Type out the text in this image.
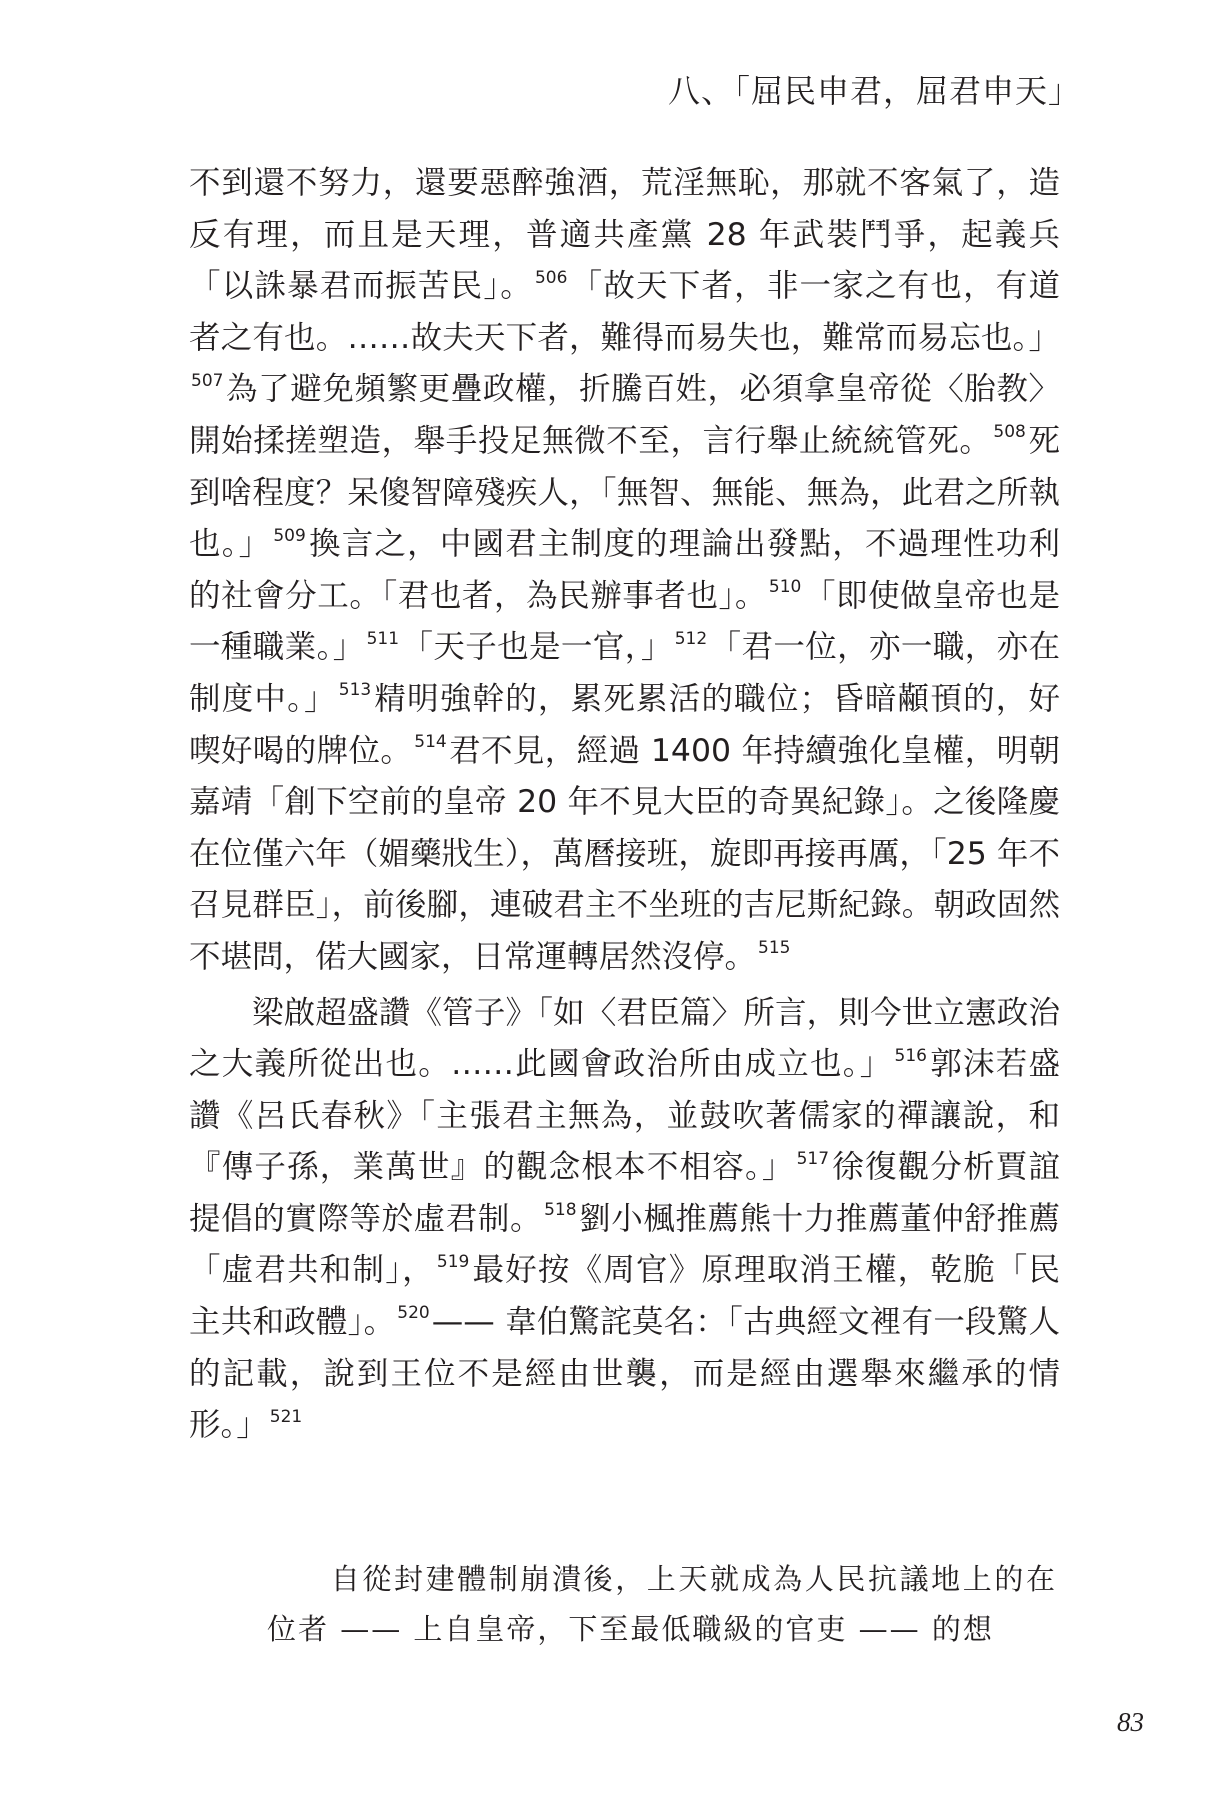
八、「屈民申君，屈君申天」

不到還不努力，還要惡醉強酒，荒淫無恥，那就不客氣了，造反有理，而且是天理，普適共產黨 28 年武裝鬥爭，起義兵「以誅暴君而振苦民」。 $^{506}$「故天下者，非一家之有也，有道者之有也。……故夫天下者，難得而易失也，難常而易忘也。」$^{507}$為了避免頻繁更疊政權，折騰百姓，必須拿皇帝從〈胎教〉開始揉搓塑造，舉手投足無微不至，言行舉止統統管死。 $^{508}$死到啥程度？呆傻智障殘疾人，「無智、無能、無為，此君之所執也。」 $^{509}$換言之，中國君主制度的理論出發點，不過理性功利的社會分工。「君也者，為民辦事者也」。 $^{510}$「即使做皇帝也是一種職業。」 $^{511}$「天子也是一官，」 $^{512}$「君一位，亦一職，亦在制度中。」 $^{513}$精明強幹的，累死累活的職位；昏暗顢頇的，好喫好喝的牌位。 $^{514}$君不見，經過 1400 年持續強化皇權，明朝嘉靖「創下空前的皇帝 20 年不見大臣的奇異紀錄」。之後隆慶在位僅六年（媚藥戕生），萬曆接班，旋即再接再厲，「25 年不召見群臣」，前後腳，連破君主不坐班的吉尼斯紀錄。朝政固然不堪問，偌大國家，日常運轉居然沒停。 $^{515}$

梁啟超盛讚《管子》「如〈君臣篇〉所言，則今世立憲政治之大義所從出也。……此國會政治所由成立也。」 $^{516}$郭沫若盛讚《呂氏春秋》「主張君主無為，並鼓吹著儒家的禪讓說，和『傳子孫，業萬世』的觀念根本不相容。」 $^{517}$徐復觀分析賈誼提倡的實際等於虛君制。 $^{518}$劉小楓推薦熊十力推薦董仲舒推薦「虛君共和制」， $^{519}$最好按《周官》原理取消王權，乾脆「民主共和政體」。 $^{520}$—— 韋伯驚詫莫名：「古典經文裡有一段驚人的記載，說到王位不是經由世襲，而是經由選舉來繼承的情形。」 $^{521}$

自從封建體制崩潰後，上天就成為人民抗議地上的在位者 —— 上自皇帝，下至最低職級的官吏 —— 的想

83
